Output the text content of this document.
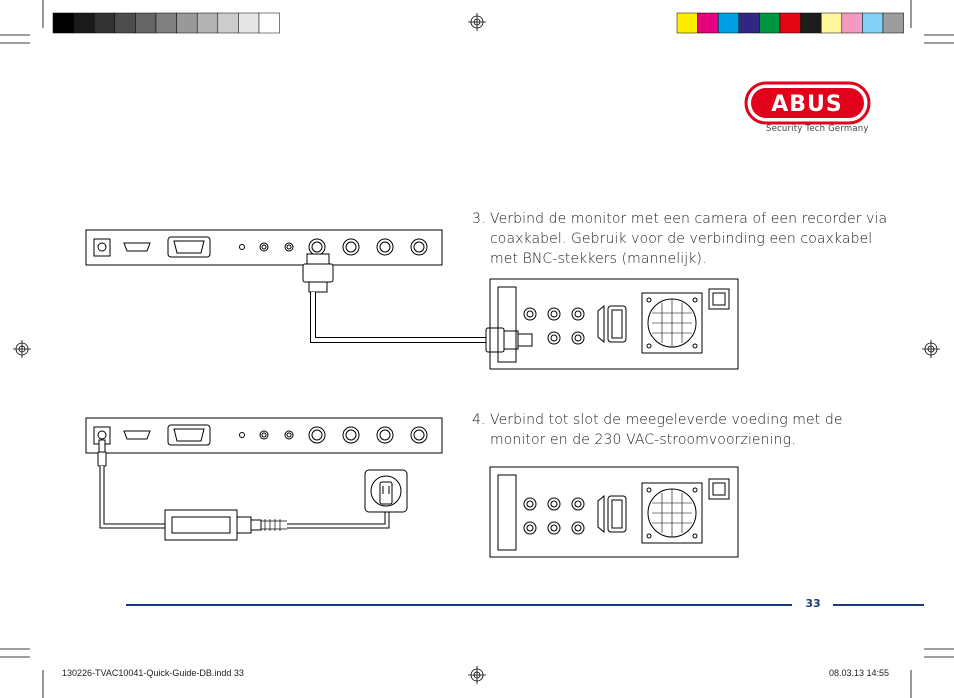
ABUS
Security Tech Germany
3. Verbind de monitor met een camera of een recorder via
coaxkabel. Gebruik voor de verbinding een coaxkabel
met BNC-stekkers (mannelijk).
4. Verbind tot slot de meegeleverde voeding met de
monitor en de 230 VAC-stroomvoorziening.
33
130226-TVAC10041-Quick-Guide-DB.indd 33	08.03.13 14:55
